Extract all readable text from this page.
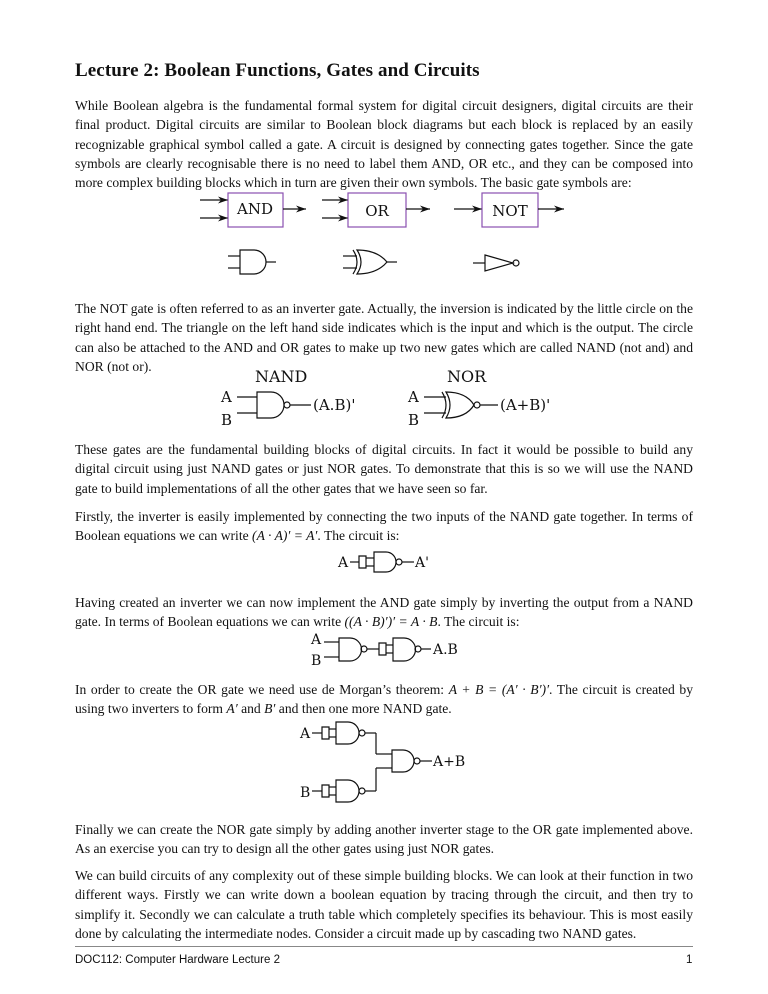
Lecture 2: Boolean Functions, Gates and Circuits

While Boolean algebra is the fundamental formal system for digital circuit designers, digital circuits are their final product. Digital circuits are similar to Boolean block diagrams but each block is replaced by an easily recognizable graphical symbol called a gate. A circuit is designed by connecting gates together. Since the gate symbols are clearly recognisable there is no need to label them AND, OR etc., and they can be composed into more complex building blocks which in turn are given their own symbols. The basic gate symbols are:

AND	OR	NOT

The NOT gate is often referred to as an inverter gate. Actually, the inversion is indicated by the little circle on the right hand end. The triangle on the left hand side indicates which is the input and which is the output. The circle can also be attached to the AND and OR gates to make up two new gates which are called NAND (not and) and NOR (not or).

NAND
A
B
(A.B)'
NOR
A
B
(A+B)'

These gates are the fundamental building blocks of digital circuits. In fact it would be possible to build any digital circuit using just NAND gates or just NOR gates. To demonstrate that this is so we will use the NAND gate to build implementations of all the other gates that we have seen so far.

Firstly, the inverter is easily implemented by connecting the two inputs of the NAND gate together. In terms of Boolean equations we can write (A · A)′ = A′. The circuit is:

A	A'

Having created an inverter we can now implement the AND gate simply by inverting the output from a NAND gate. In terms of Boolean equations we can write ((A · B)′)′ = A · B. The circuit is:

A
B
A.B

In order to create the OR gate we need use de Morgan’s theorem: A + B = (A′ · B′)′. The circuit is created by using two inverters to form A′ and B′ and then one more NAND gate.

A
B
A+B

Finally we can create the NOR gate simply by adding another inverter stage to the OR gate implemented above. As an exercise you can try to design all the other gates using just NOR gates.

We can build circuits of any complexity out of these simple building blocks. We can look at their function in two different ways. Firstly we can write down a boolean equation by tracing through the circuit, and then try to simplify it. Secondly we can calculate a truth table which completely specifies its behaviour. This is most easily done by calculating the intermediate nodes. Consider a circuit made up by cascading two NAND gates.

DOC112: Computer Hardware Lecture 2	1
